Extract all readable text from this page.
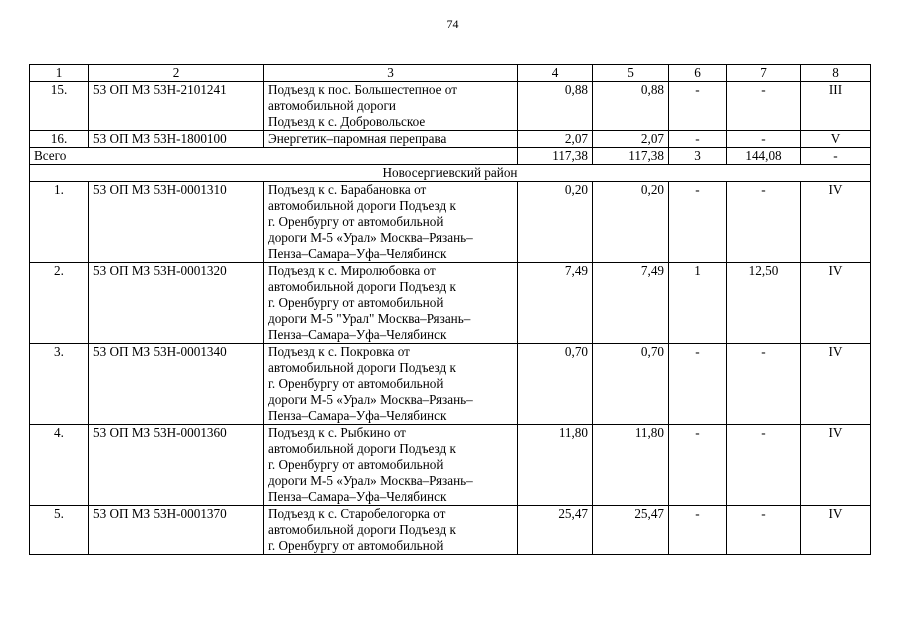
74
1	2	3	4	5	6	7	8
15.	53 ОП МЗ 53Н-2101241	Подъезд к пос. Большестепное от
автомобильной дороги
Подъезд к с. Добровольское	0,88	0,88	-	-	III
16.	53 ОП МЗ 53Н-1800100	Энергетик–паромная переправа	2,07	2,07	-	-	V
Всего			117,38	117,38	3	144,08	-
Новосергиевский район							
1.	53 ОП МЗ 53Н-0001310	Подъезд к с. Барабановка от
автомобильной дороги Подъезд к
г. Оренбургу от автомобильной
дороги М-5 «Урал» Москва–Рязань–
Пенза–Самара–Уфа–Челябинск	0,20	0,20	-	-	IV
2.	53 ОП МЗ 53Н-0001320	Подъезд к с. Миролюбовка от
автомобильной дороги Подъезд к
г. Оренбургу от автомобильной
дороги М-5 "Урал" Москва–Рязань–
Пенза–Самара–Уфа–Челябинск	7,49	7,49	1	12,50	IV
3.	53 ОП МЗ 53Н-0001340	Подъезд к с. Покровка от
автомобильной дороги Подъезд к
г. Оренбургу от автомобильной
дороги М-5 «Урал» Москва–Рязань–
Пенза–Самара–Уфа–Челябинск	0,70	0,70	-	-	IV
4.	53 ОП МЗ 53Н-0001360	Подъезд к с. Рыбкино от
автомобильной дороги Подъезд к
г. Оренбургу от автомобильной
дороги М-5 «Урал» Москва–Рязань–
Пенза–Самара–Уфа–Челябинск	11,80	11,80	-	-	IV
5.	53 ОП МЗ 53Н-0001370	Подъезд к с. Старобелогорка от
автомобильной дороги Подъезд к
г. Оренбургу от автомобильной	25,47	25,47	-	-	IV
